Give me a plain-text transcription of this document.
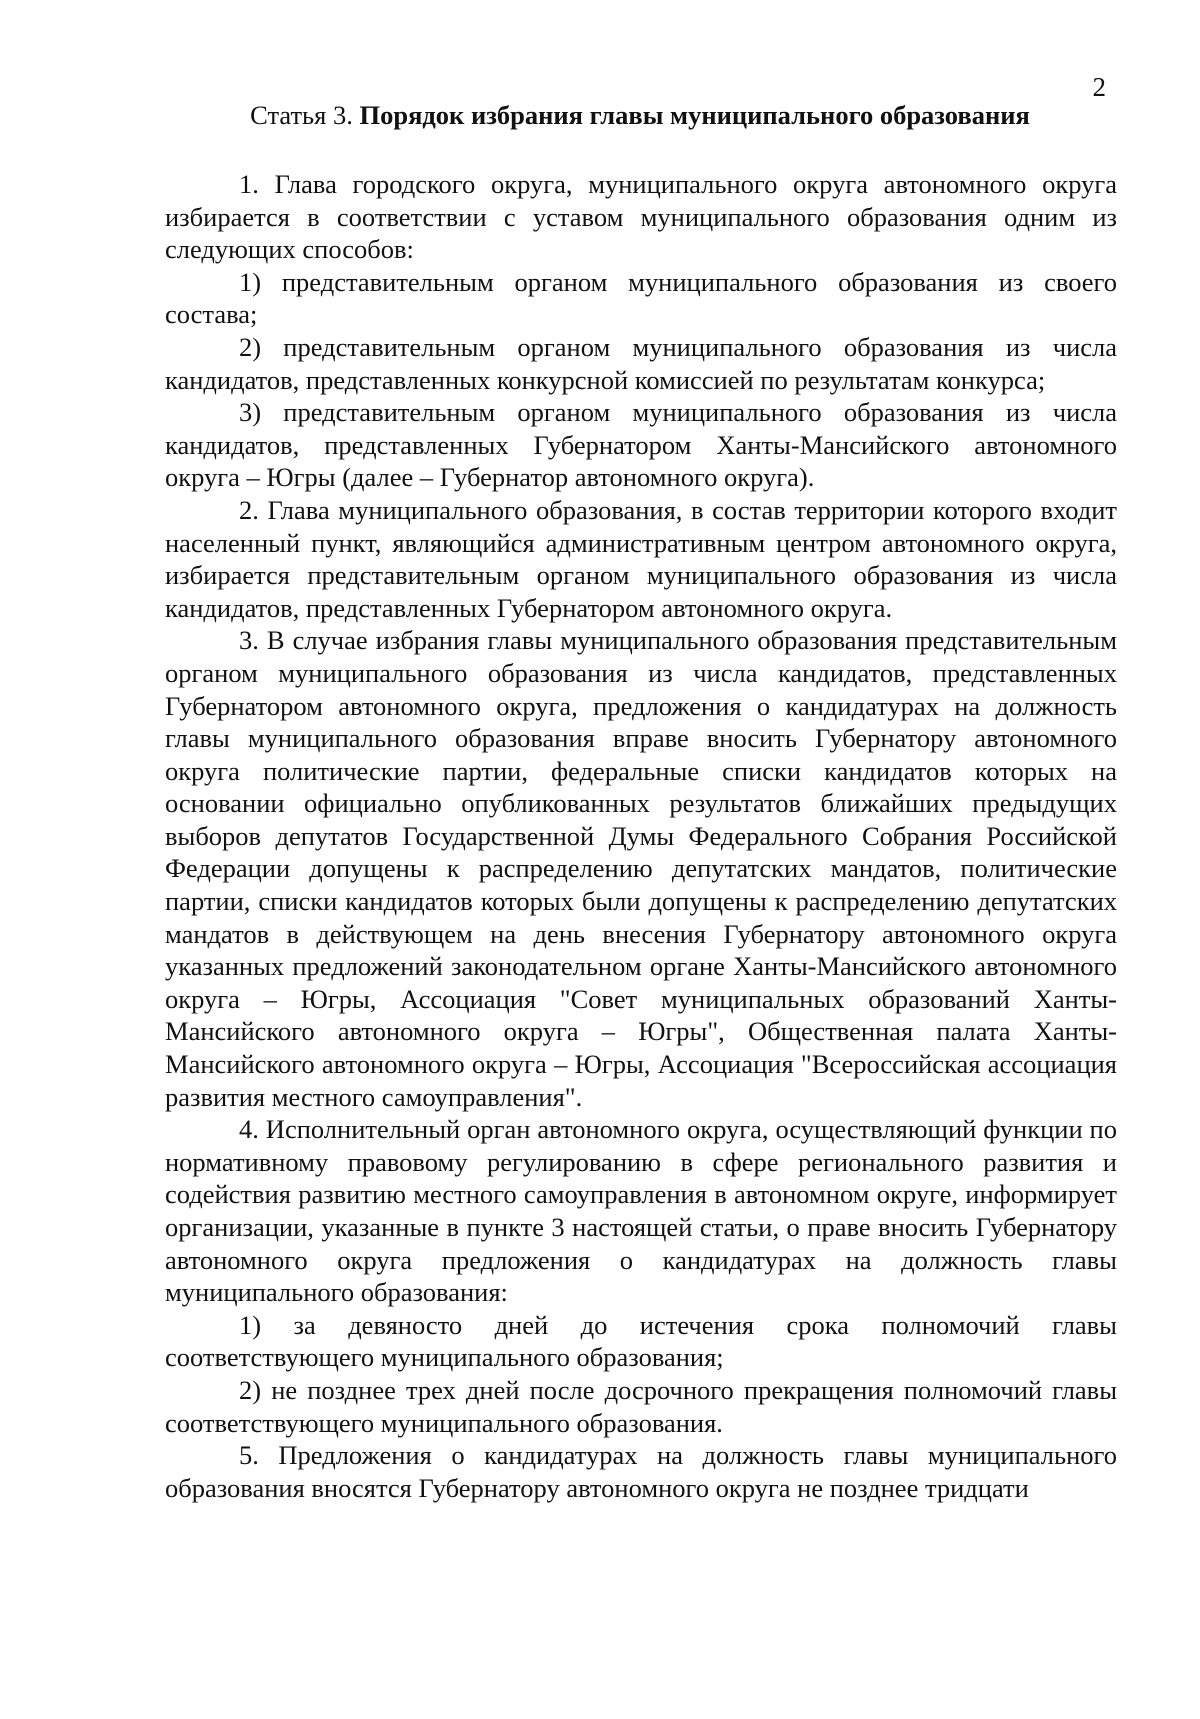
2
Статья 3. Порядок избрания главы муниципального образования

1. Глава городского округа, муниципального округа автономного округа избирается в соответствии с уставом муниципального образования одним из следующих способов:

1) представительным органом муниципального образования из своего состава;

2) представительным органом муниципального образования из числа кандидатов, представленных конкурсной комиссией по результатам конкурса;

3) представительным органом муниципального образования из числа кандидатов, представленных Губернатором Ханты-Мансийского автономного округа – Югры (далее – Губернатор автономного округа).

2. Глава муниципального образования, в состав территории которого входит населенный пункт, являющийся административным центром автономного округа, избирается представительным органом муниципального образования из числа кандидатов, представленных Губернатором автономного округа.

3. В случае избрания главы муниципального образования представительным органом муниципального образования из числа кандидатов, представленных Губернатором автономного округа, предложения о кандидатурах на должность главы муниципального образования вправе вносить Губернатору автономного округа политические партии, федеральные списки кандидатов которых на основании официально опубликованных результатов ближайших предыдущих выборов депутатов Государственной Думы Федерального Собрания Российской Федерации допущены к распределению депутатских мандатов, политические партии, списки кандидатов которых были допущены к распределению депутатских мандатов в действующем на день внесения Губернатору автономного округа указанных предложений законодательном органе Ханты-Мансийского автономного округа – Югры, Ассоциация "Совет муниципальных образований Ханты-Мансийского автономного округа – Югры", Общественная палата Ханты-Мансийского автономного округа – Югры, Ассоциация "Всероссийская ассоциация развития местного самоуправления".

4. Исполнительный орган автономного округа, осуществляющий функции по нормативному правовому регулированию в сфере регионального развития и содействия развитию местного самоуправления в автономном округе, информирует организации, указанные в пункте 3 настоящей статьи, о праве вносить Губернатору автономного округа предложения о кандидатурах на должность главы муниципального образования:

1) за девяносто дней до истечения срока полномочий главы соответствующего муниципального образования;

2) не позднее трех дней после досрочного прекращения полномочий главы соответствующего муниципального образования.

5. Предложения о кандидатурах на должность главы муниципального образования вносятся Губернатору автономного округа не позднее тридцати
